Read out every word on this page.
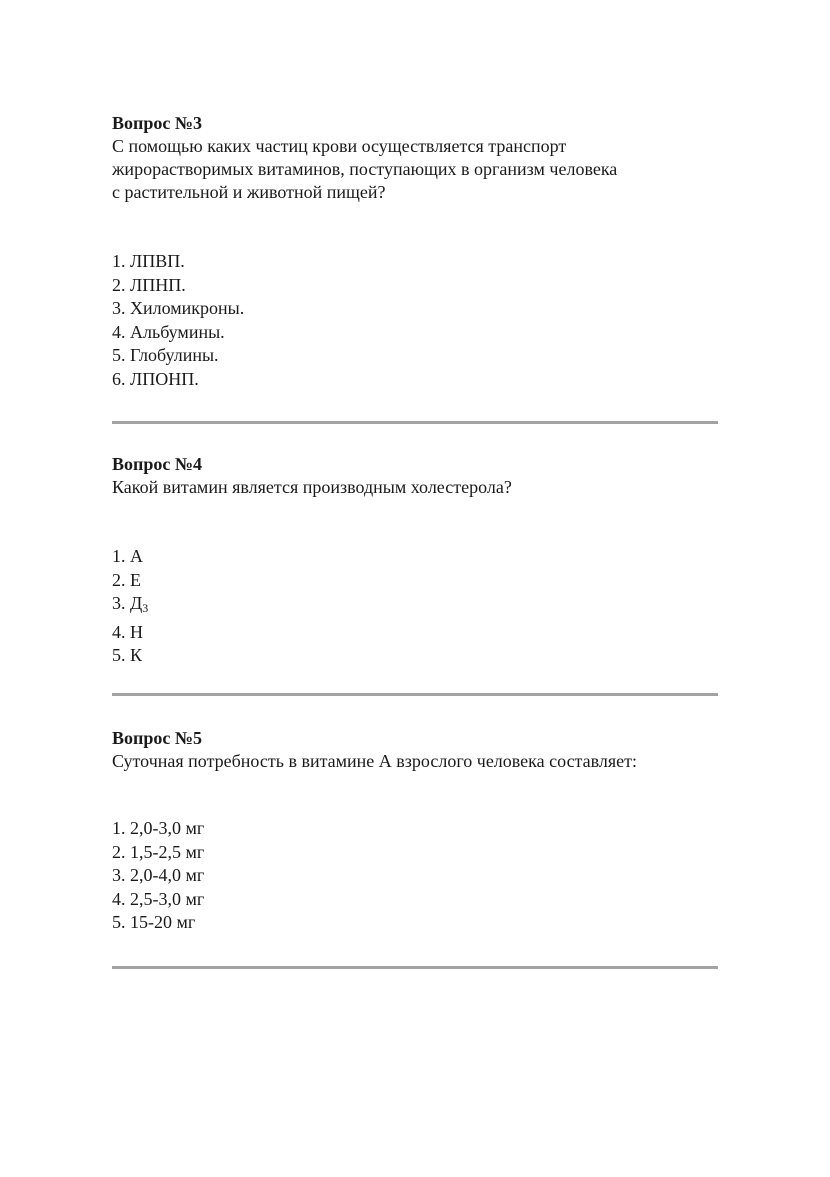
Вопрос №3

С помощью каких частиц крови осуществляется транспорт
жирорастворимых витаминов, поступающих в организм человека
с растительной и животной пищей?

1. ЛПВП.
2. ЛПНП.
3. Хиломикроны.
4. Альбумины.
5. Глобулины.
6. ЛПОНП.

Вопрос №4

Какой витамин является производным холестерола?

1. А
2. Е
3. $Д_3$
4. Н
5. К

Вопрос №5

Суточная потребность в витамине А взрослого человека составляет:

1. 2,0-3,0 мг
2. 1,5-2,5 мг
3. 2,0-4,0 мг
4. 2,5-3,0 мг
5. 15-20 мг
